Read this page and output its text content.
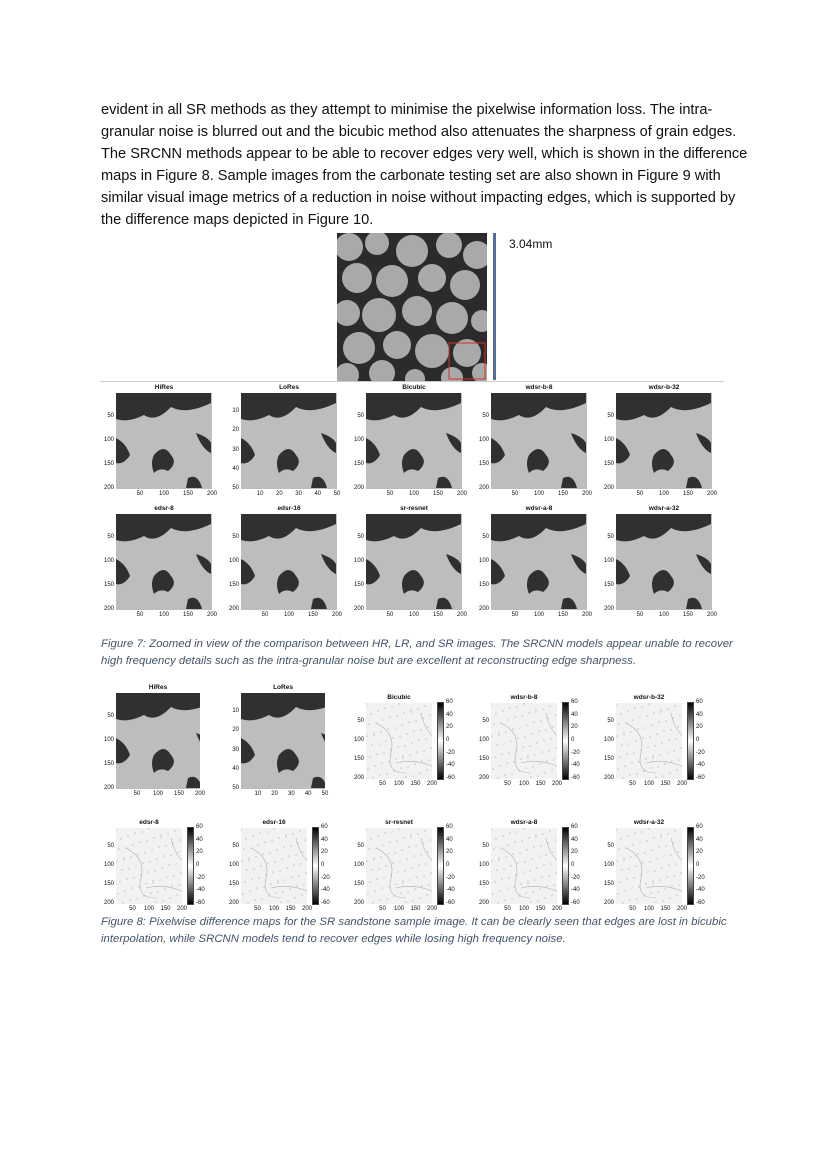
evident in all SR methods as they attempt to minimise the pixelwise information loss. The intra-
granular noise is blurred out and the bicubic method also attenuates the sharpness of grain edges.
The SRCNN methods appear to be able to recover edges very well, which is shown in the difference
maps in Figure 8. Sample images from the carbonate testing set are also shown in Figure 9 with
similar visual image metrics of a reduction in noise without impacting edges, which is supported by
the difference maps depicted in Figure 10.

3.04mm
HiRes
50
100
150
200
50	100	150	200
LoRes
10
20
30
40
50
10	20	30	40	50
Bicubic
50
100
150
200
50	100	150	200
wdsr-b-8
50
100
150
200
50	100	150	200
wdsr-b-32
50
100
150
200
50	100	150	200
edsr-8
50
100
150
200
50	100	150	200
edsr-16
50
100
150
200
50	100	150	200
sr-resnet
50
100
150
200
50	100	150	200
wdsr-a-8
50
100
150
200
50	100	150	200
wdsr-a-32
50
100
150
200
50	100	150	200

Figure 7: Zoomed in view of the comparison between HR, LR, and SR images. The SRCNN models appear unable to recover
high frequency details such as the intra-granular noise but are excellent at reconstructing edge sharpness.

HiRes
50
100
150
200
50	100	150	200
LoRes
10
20
30
40
50
10	20	30	40	50
Bicubic
50
100
150
200
50	100	150	200
60
40
20
0
-20
-40
-60
wdsr-b-8
50
100
150
200
50	100	150	200
60
40
20
0
-20
-40
-60
wdsr-b-32
50
100
150
200
50	100	150	200
60
40
20
0
-20
-40
-60
edsr-8
50
100
150
200
50	100	150	200
60
40
20
0
-20
-40
-60
edsr-16
50
100
150
200
50	100	150	200
60
40
20
0
-20
-40
-60
sr-resnet
50
100
150
200
50	100	150	200
60
40
20
0
-20
-40
-60
wdsr-a-8
50
100
150
200
50	100	150	200
60
40
20
0
-20
-40
-60
wdsr-a-32
50
100
150
200
50	100	150	200
60
40
20
0
-20
-40
-60

Figure 8: Pixelwise difference maps for the SR sandstone sample image. It can be clearly seen that edges are lost in bicubic
interpolation, while SRCNN models tend to recover edges while losing high frequency noise.
